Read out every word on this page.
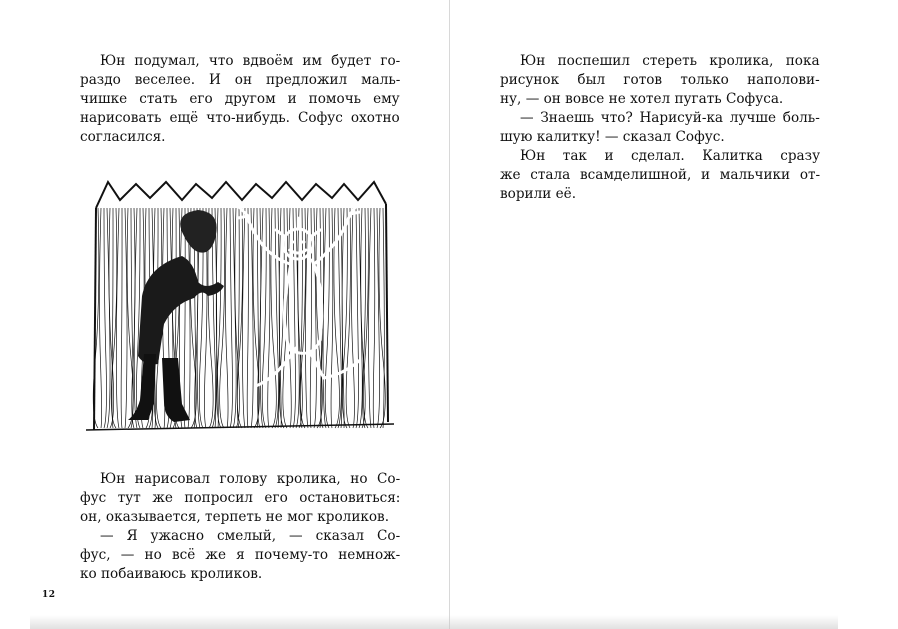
Юн подумал, что вдвоём им будет го-
раздо веселее. И он предложил маль-
чишке стать его другом и помочь ему
нарисовать ещё что-нибудь. Софус охотно
согласился.
Юн нарисовал голову кролика, но Со-
фус тут же попросил его остановиться:
он, оказывается, терпеть не мог кроликов.
— Я ужасно смелый, — сказал Со-
фус, — но всё же я почему-то немнож-
ко побаиваюсь кроликов.
12
Юн поспешил стереть кролика, пока
рисунок был готов только наполови-
ну, — он вовсе не хотел пугать Софуса.
— Знаешь что? Нарисуй-ка лучше боль-
шую калитку! — сказал Софус.
Юн так и сделал. Калитка сразу
же стала всамделишной, и мальчики от-
ворили её.
